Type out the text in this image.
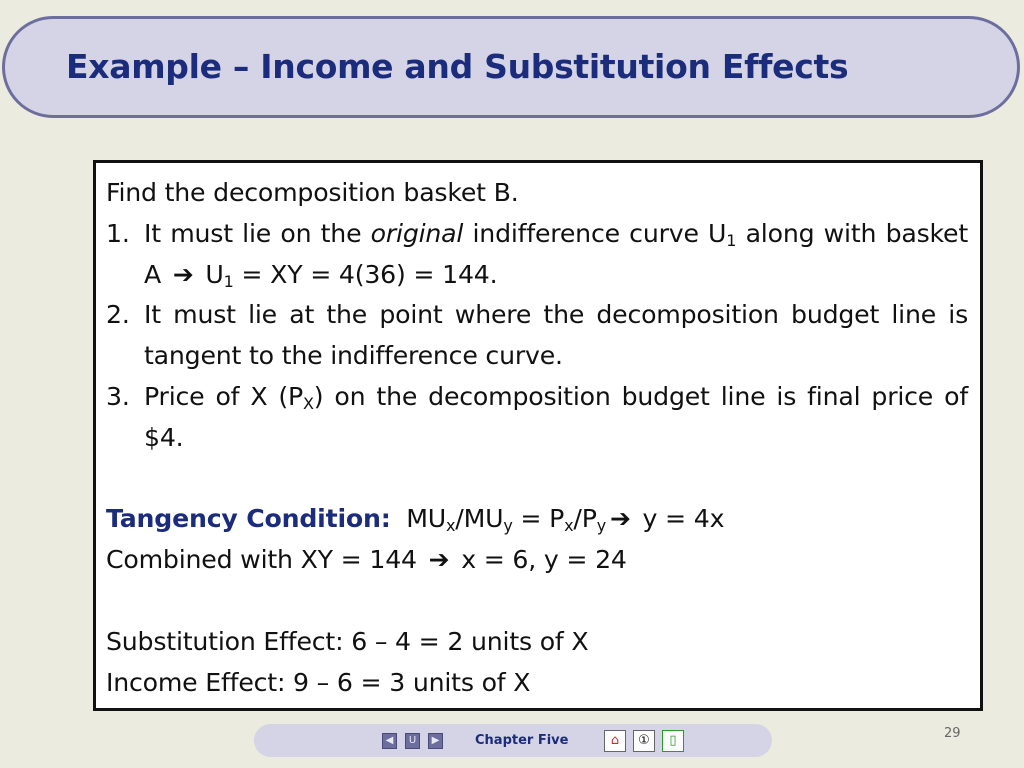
Example – Income and Substitution Effects
Find the decomposition basket B.
1. It must lie on the original indifference curve $U_1$ along with basket A ➔ $U_1$ = XY = 4(36) = 144.
2. It must lie at the point where the decomposition budget line is tangent to the indifference curve.
3. Price of X $(P_X)$ on the decomposition budget line is final price of $4.
Tangency Condition: $MU_x/MU_y = P_x/P_y$ ➔ y = 4x
Combined with XY = 144 ➔ x = 6, y = 24
Substitution Effect: 6 – 4 = 2 units of X
Income Effect: 9 – 6 = 3 units of X
◀	U	▶	Chapter Five	⌂	①	▯	29
